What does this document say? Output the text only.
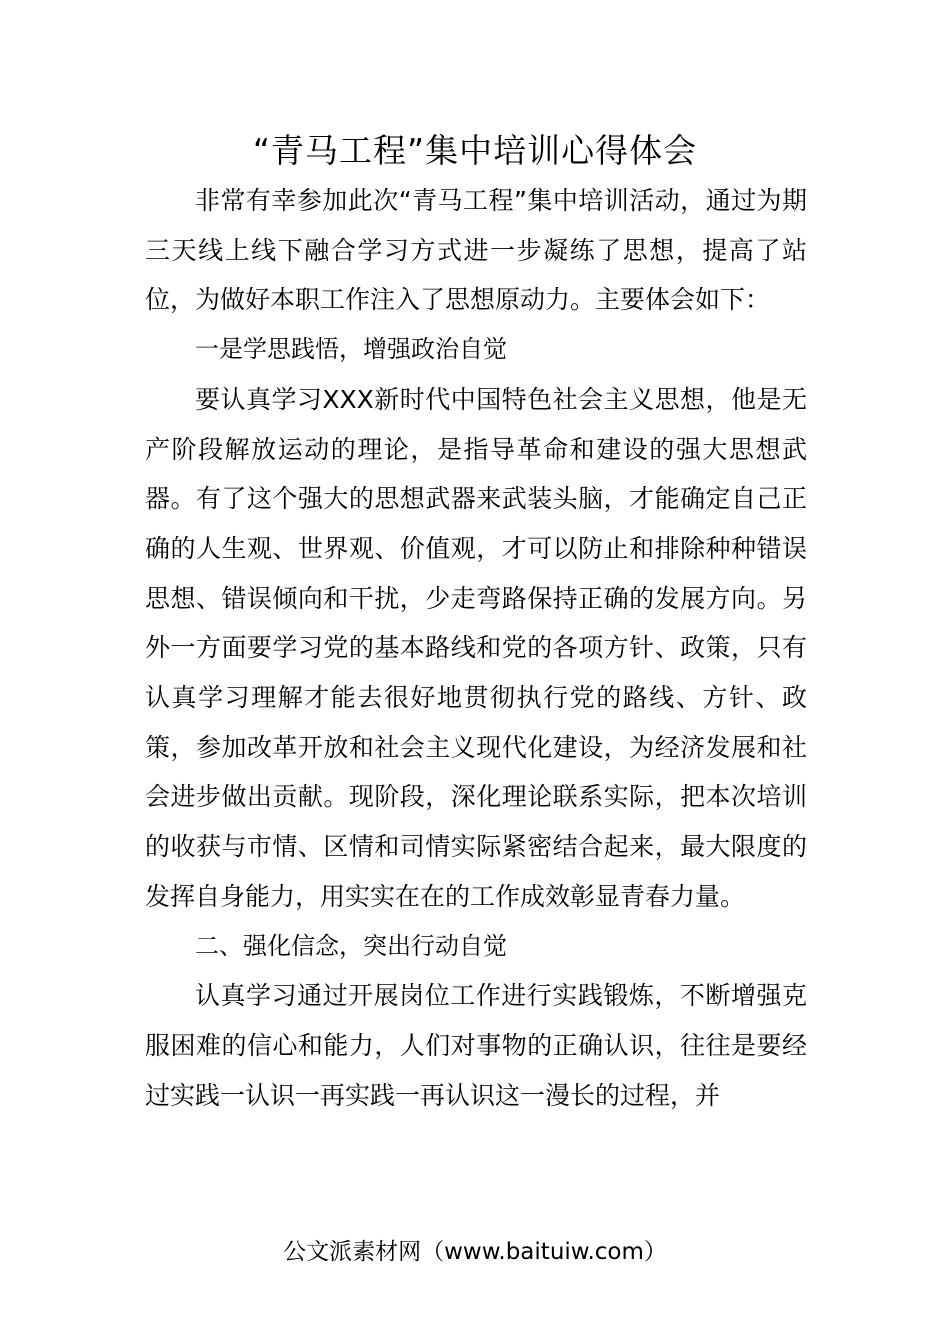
“青马工程”集中培训心得体会

非常有幸参加此次“青马工程”集中培训活动，通过为期三天线上线下融合学习方式进一步凝练了思想，提高了站位，为做好本职工作注入了思想原动力。主要体会如下：

一是学思践悟，增强政治自觉

要认真学习XXX新时代中国特色社会主义思想，他是无产阶段解放运动的理论，是指导革命和建设的强大思想武器。有了这个强大的思想武器来武装头脑，才能确定自己正确的人生观、世界观、价值观，才可以防止和排除种种错误思想、错误倾向和干扰，少走弯路保持正确的发展方向。另外一方面要学习党的基本路线和党的各项方针、政策，只有认真学习理解才能去很好地贯彻执行党的路线、方针、政策，参加改革开放和社会主义现代化建设，为经济发展和社会进步做出贡献。现阶段，深化理论联系实际，把本次培训的收获与市情、区情和司情实际紧密结合起来，最大限度的发挥自身能力，用实实在在的工作成效彰显青春力量。

二、强化信念，突出行动自觉

认真学习通过开展岗位工作进行实践锻炼，不断增强克服困难的信心和能力，人们对事物的正确认识，往往是要经过实践一认识一再实践一再认识这一漫长的过程，并

公文派素材网（www.baituiw.com）
